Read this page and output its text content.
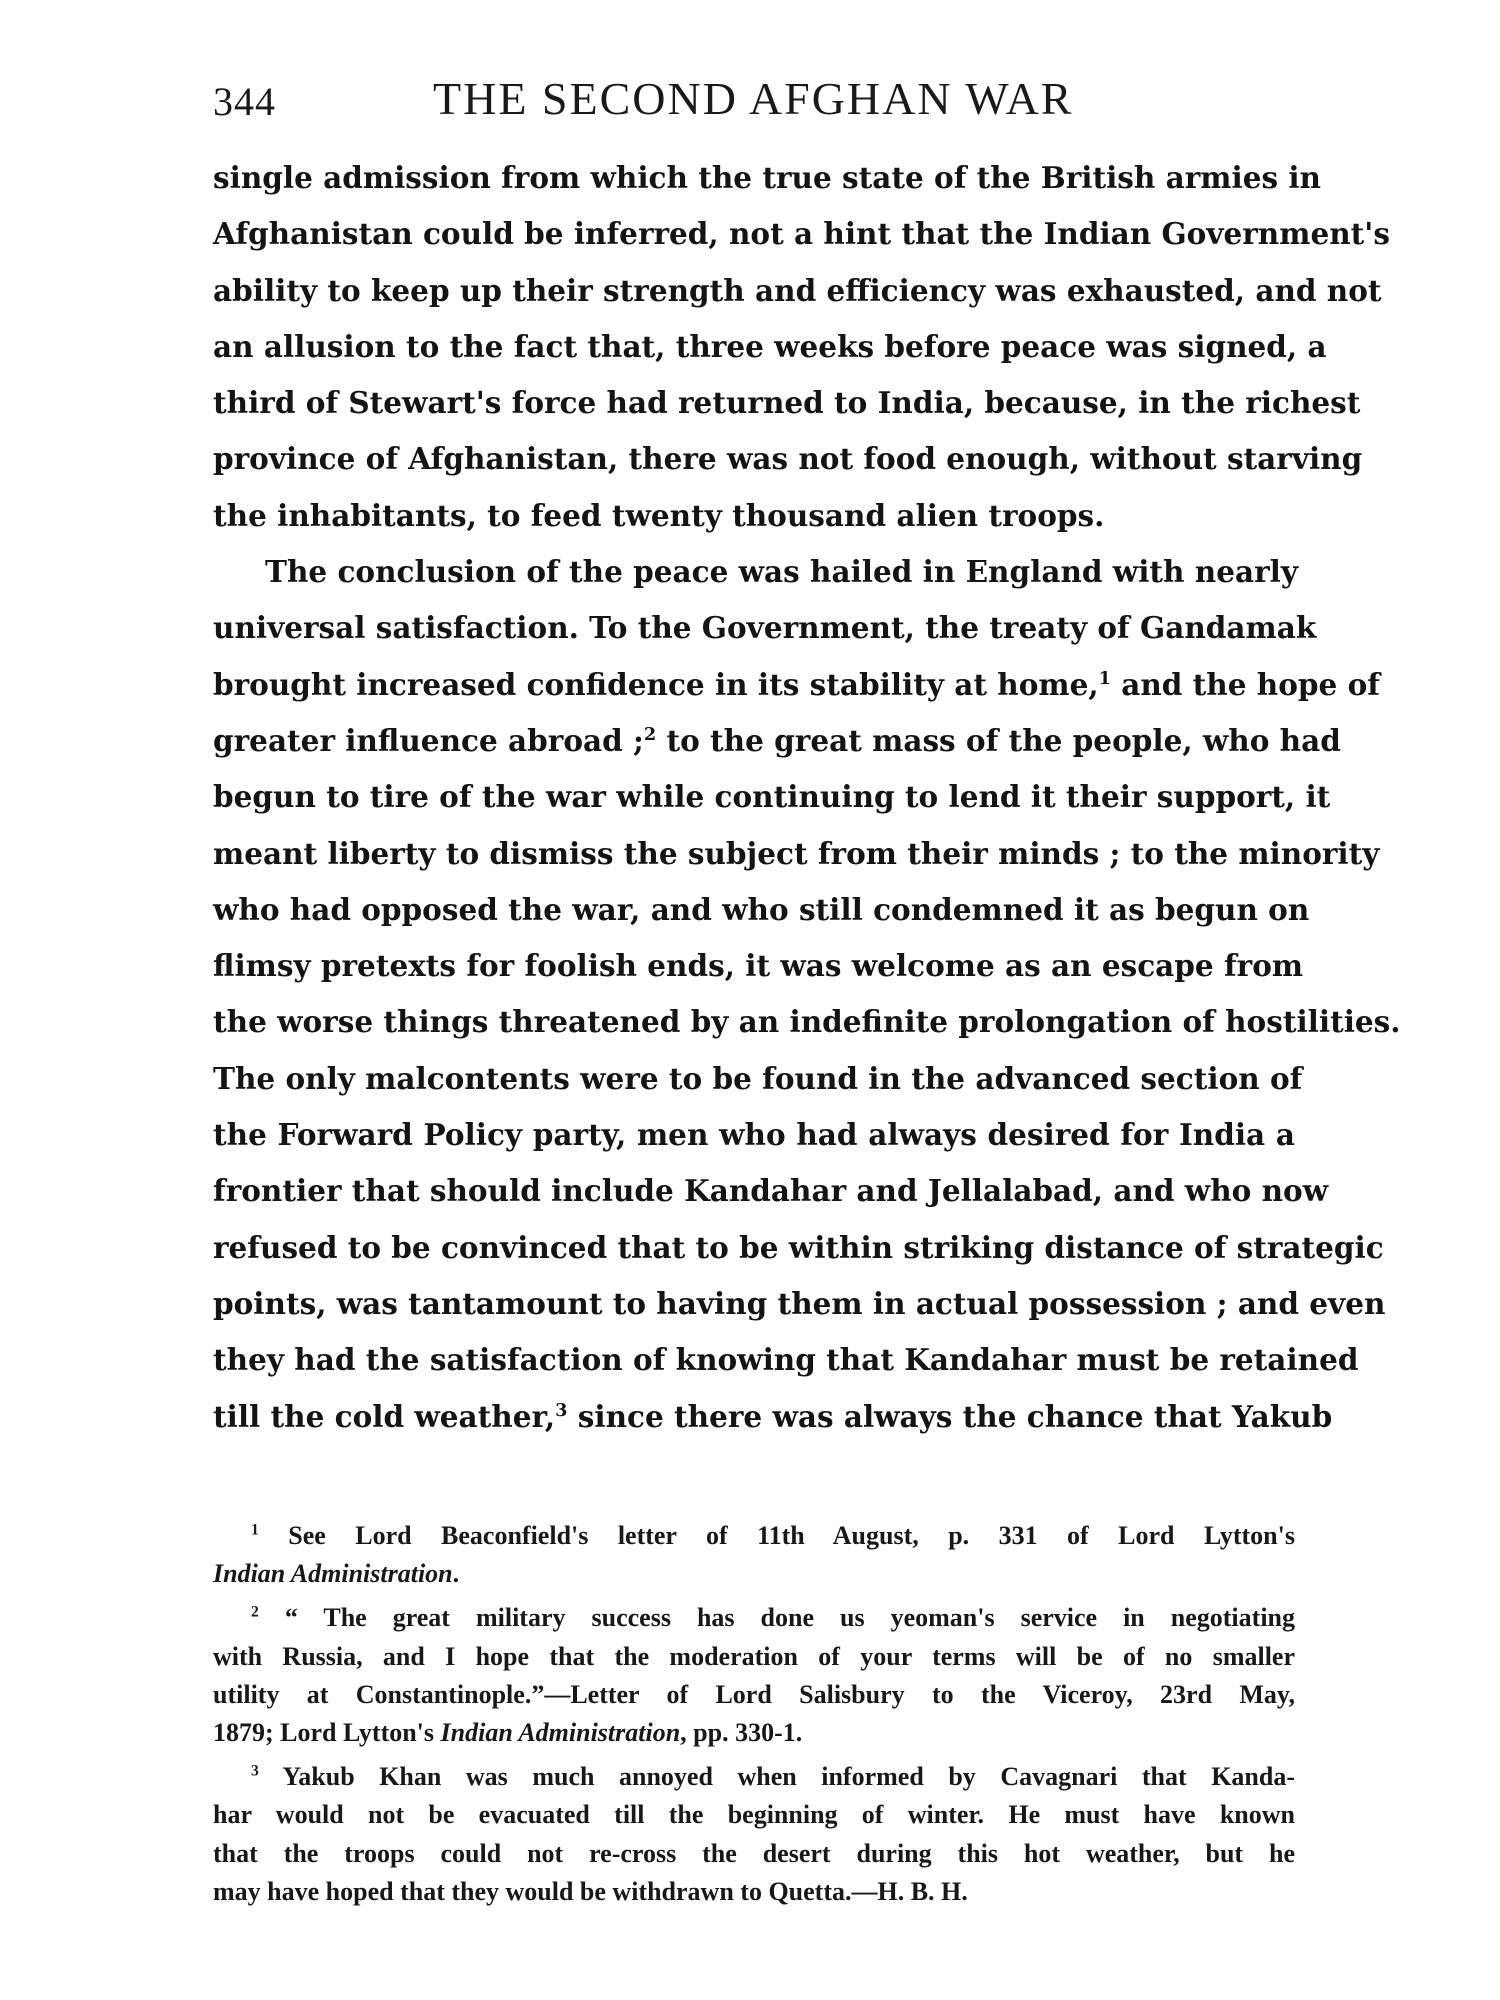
344	THE SECOND AFGHAN WAR
single admission from which the true state of the British armies in
Afghanistan could be inferred, not a hint that the Indian Government's
ability to keep up their strength and efficiency was exhausted, and not
an allusion to the fact that, three weeks before peace was signed, a
third of Stewart's force had returned to India, because, in the richest
province of Afghanistan, there was not food enough, without starving
the inhabitants, to feed twenty thousand alien troops.
The conclusion of the peace was hailed in England with nearly
universal satisfaction. To the Government, the treaty of Gandamak
brought increased confidence in its stability at home,$^1$ and the hope of
greater influence abroad ;$^2$ to the great mass of the people, who had
begun to tire of the war while continuing to lend it their support, it
meant liberty to dismiss the subject from their minds ; to the minority
who had opposed the war, and who still condemned it as begun on
flimsy pretexts for foolish ends, it was welcome as an escape from
the worse things threatened by an indefinite prolongation of hostilities.
The only malcontents were to be found in the advanced section of
the Forward Policy party, men who had always desired for India a
frontier that should include Kandahar and Jellalabad, and who now
refused to be convinced that to be within striking distance of strategic
points, was tantamount to having them in actual possession ; and even
they had the satisfaction of knowing that Kandahar must be retained
till the cold weather,$^3$ since there was always the chance that Yakub
$^1$ See Lord Beaconfield's letter of 11th August, p. 331 of Lord Lytton's
Indian Administration.
$^2$ “ The great military success has done us yeoman's service in negotiating
with Russia, and I hope that the moderation of your terms will be of no smaller
utility at Constantinople.”—Letter of Lord Salisbury to the Viceroy, 23rd May,
1879; Lord Lytton's Indian Administration, pp. 330-1.
$^3$ Yakub Khan was much annoyed when informed by Cavagnari that Kanda-
har would not be evacuated till the beginning of winter. He must have known
that the troops could not re-cross the desert during this hot weather, but he
may have hoped that they would be withdrawn to Quetta.—H. B. H.
